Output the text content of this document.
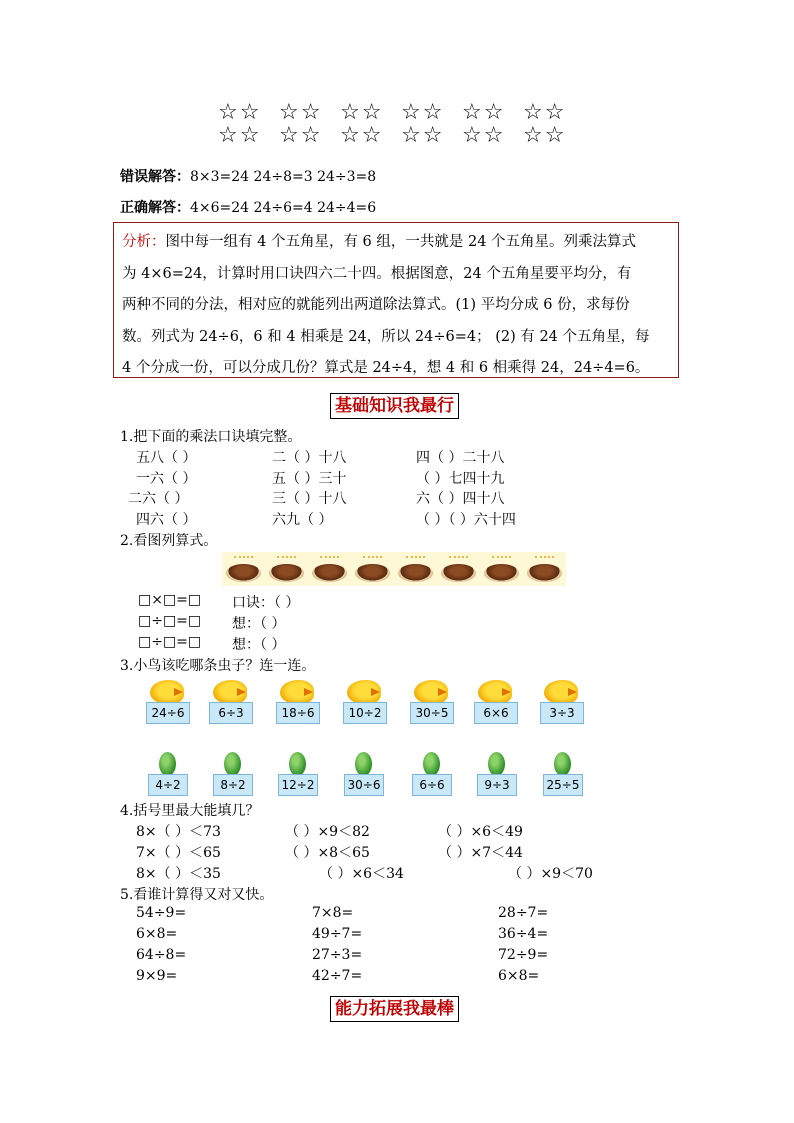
☆☆ ☆☆ ☆☆ ☆☆ ☆☆ ☆☆
☆☆ ☆☆ ☆☆ ☆☆ ☆☆ ☆☆
错误解答：8×3=24 24÷8=3 24÷3=8
正确解答：4×6=24 24÷6=4 24÷4=6
分析：图中每一组有 4 个五角星，有 6 组，一共就是 24 个五角星。列乘法算式
为 4×6=24，计算时用口诀四六二十四。根据图意，24 个五角星要平均分，有
两种不同的分法，相对应的就能列出两道除法算式。(1) 平均分成 6 份，求每份
数。列式为 24÷6，6 和 4 相乘是 24，所以 24÷6=4； (2) 有 24 个五角星，每
4 个分成一份，可以分成几份？算式是 24÷4，想 4 和 6 相乘得 24，24÷4=6。
基础知识我最行
1.把下面的乘法口诀填完整。
五八（ ）	二（ ）十八	四（ ）二十八
一六（ ）	五（ ）三十	（ ）七四十九
二六（ ）	三（ ）十八	六（ ）四十八
四六（ ）	六九（ ）	（ ）（ ）六十四
2.看图列算式。
□×□=□ 口诀：（ ）
□÷□=□ 想：（ ）
□÷□=□ 想：（ ）
3.小鸟该吃哪条虫子？连一连。
24÷6	6÷3	18÷6	10÷2	30÷5	6×6	3÷3
4÷2	8÷2	12÷2	30÷6	6÷6	9÷3	25÷5
4.括号里最大能填几？
8×（ ）＜73	（ ）×9＜82	（ ）×6＜49
7×（ ）＜65	（ ）×8＜65	（ ）×7＜44
8×（ ）＜35	（ ）×6＜34	（ ）×9＜70
5.看谁计算得又对又快。
54÷9=	7×8=	28÷7=
6×8=	49÷7=	36÷4=
64÷8=	27÷3=	72÷9=
9×9=	42÷7=	6×8=
能力拓展我最棒
